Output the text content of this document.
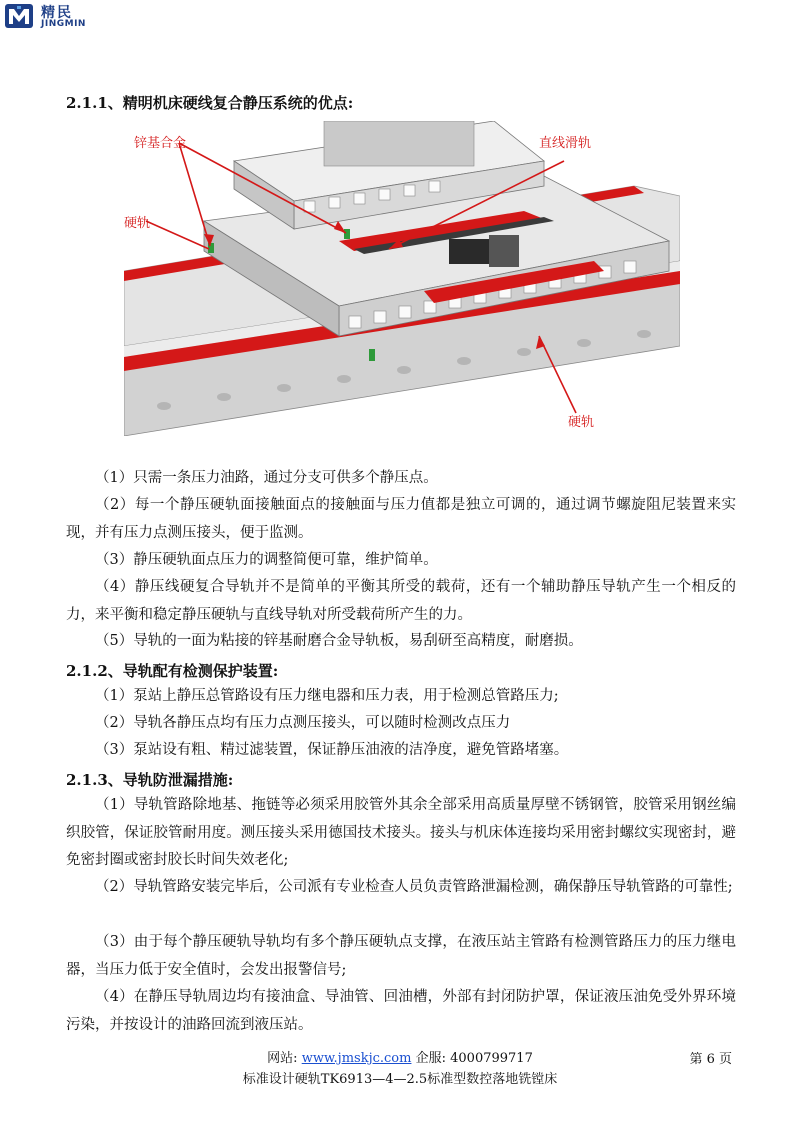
精民
JINGMIN
2.1.1、精明机床硬线复合静压系统的优点:
锌基合金	直线滑轨
硬轨
硬轨
（1）只需一条压力油路，通过分支可供多个静压点。
（2）每一个静压硬轨面接触面点的接触面与压力值都是独立可调的，通过调节螺旋阻尼装置来实现，并有压力点测压接头，便于监测。
（3）静压硬轨面点压力的调整简便可靠，维护简单。
（4）静压线硬复合导轨并不是简单的平衡其所受的载荷，还有一个辅助静压导轨产生一个相反的力，来平衡和稳定静压硬轨与直线导轨对所受载荷所产生的力。
（5）导轨的一面为粘接的锌基耐磨合金导轨板，易刮研至高精度，耐磨损。
2.1.2、导轨配有检测保护装置:
（1）泵站上静压总管路设有压力继电器和压力表，用于检测总管路压力;
（2）导轨各静压点均有压力点测压接头，可以随时检测改点压力
（3）泵站设有粗、精过滤装置，保证静压油液的洁净度，避免管路堵塞。
2.1.3、导轨防泄漏措施:
（1）导轨管路除地基、拖链等必须采用胶管外其余全部采用高质量厚壁不锈钢管，胶管采用钢丝编织胶管，保证胶管耐用度。测压接头采用德国技术接头。接头与机床体连接均采用密封螺纹实现密封，避免密封圈或密封胶长时间失效老化;
（2）导轨管路安装完毕后，公司派有专业检查人员负责管路泄漏检测，确保静压导轨管路的可靠性;
（3）由于每个静压硬轨导轨均有多个静压硬轨点支撑，在液压站主管路有检测管路压力的压力继电器，当压力低于安全值时，会发出报警信号;
（4）在静压导轨周边均有接油盒、导油管、回油槽，外部有封闭防护罩，保证液压油免受外界环境污染，并按设计的油路回流到液压站。
网站: www.jmskjc.com 企服: 4000799717	第 6 页
标准设计硬轨TK6913—4—2.5标准型数控落地铣镗床
